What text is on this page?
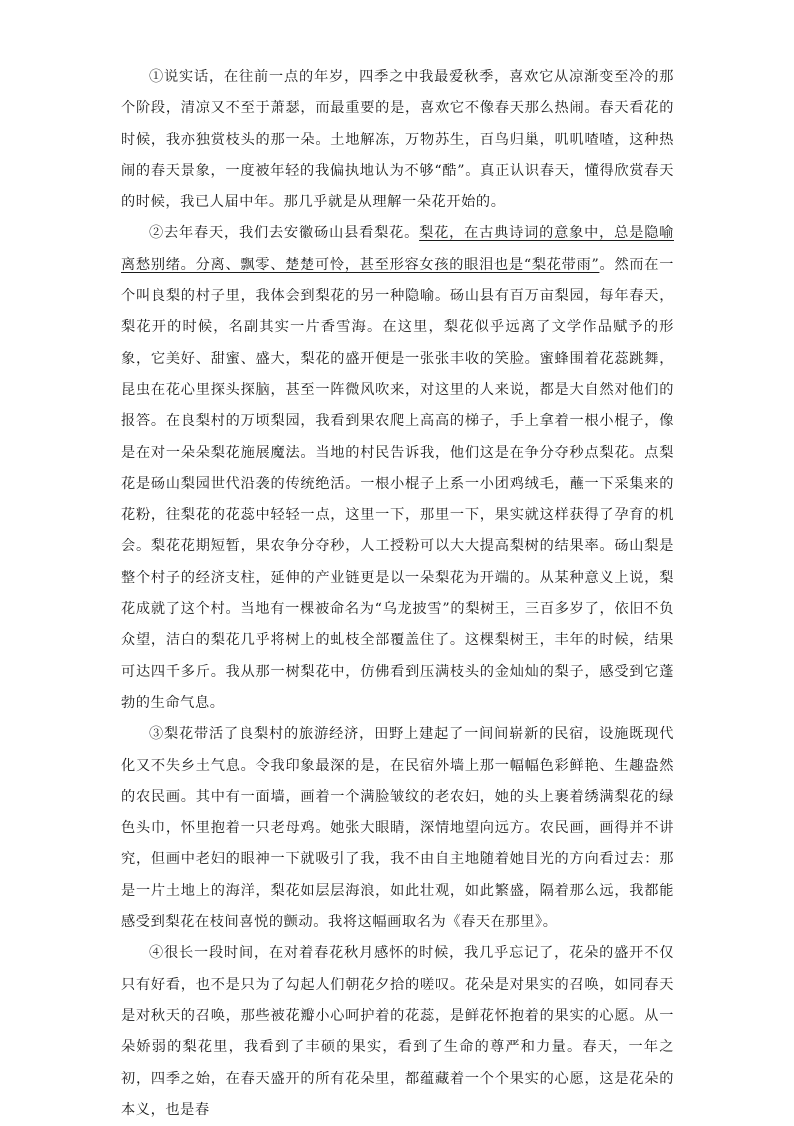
①说实话，在往前一点的年岁，四季之中我最爱秋季，喜欢它从凉渐变至冷的那个阶段，清凉又不至于萧瑟，而最重要的是，喜欢它不像春天那么热闹。春天看花的时候，我亦独赏枝头的那一朵。土地解冻，万物苏生，百鸟归巢，叽叽喳喳，这种热闹的春天景象，一度被年轻的我偏执地认为不够“酷”。真正认识春天，懂得欣赏春天的时候，我已人届中年。那几乎就是从理解一朵花开始的。

②去年春天，我们去安徽砀山县看梨花。梨花，在古典诗词的意象中，总是隐喻离愁别绪。分离、飘零、楚楚可怜，甚至形容女孩的眼泪也是“梨花带雨”。然而在一个叫良梨的村子里，我体会到梨花的另一种隐喻。砀山县有百万亩梨园，每年春天，梨花开的时候，名副其实一片香雪海。在这里，梨花似乎远离了文学作品赋予的形象，它美好、甜蜜、盛大，梨花的盛开便是一张张丰收的笑脸。蜜蜂围着花蕊跳舞，昆虫在花心里探头探脑，甚至一阵微风吹来，对这里的人来说，都是大自然对他们的报答。在良梨村的万顷梨园，我看到果农爬上高高的梯子，手上拿着一根小棍子，像是在对一朵朵梨花施展魔法。当地的村民告诉我，他们这是在争分夺秒点梨花。点梨花是砀山梨园世代沿袭的传统绝活。一根小棍子上系一小团鸡绒毛，蘸一下采集来的花粉，往梨花的花蕊中轻轻一点，这里一下，那里一下，果实就这样获得了孕育的机会。梨花花期短暂，果农争分夺秒，人工授粉可以大大提高梨树的结果率。砀山梨是整个村子的经济支柱，延伸的产业链更是以一朵梨花为开端的。从某种意义上说，梨花成就了这个村。当地有一棵被命名为“乌龙披雪”的梨树王，三百多岁了，依旧不负众望，洁白的梨花几乎将树上的虬枝全部覆盖住了。这棵梨树王，丰年的时候，结果可达四千多斤。我从那一树梨花中，仿佛看到压满枝头的金灿灿的梨子，感受到它蓬勃的生命气息。

③梨花带活了良梨村的旅游经济，田野上建起了一间间崭新的民宿，设施既现代化又不失乡土气息。令我印象最深的是，在民宿外墙上那一幅幅色彩鲜艳、生趣盎然的农民画。其中有一面墙，画着一个满脸皱纹的老农妇，她的头上裹着绣满梨花的绿色头巾，怀里抱着一只老母鸡。她张大眼睛，深情地望向远方。农民画，画得并不讲究，但画中老妇的眼神一下就吸引了我，我不由自主地随着她目光的方向看过去：那是一片土地上的海洋，梨花如层层海浪，如此壮观，如此繁盛，隔着那么远，我都能感受到梨花在枝间喜悦的颤动。我将这幅画取名为《春天在那里》。

④很长一段时间，在对着春花秋月感怀的时候，我几乎忘记了，花朵的盛开不仅只有好看，也不是只为了勾起人们朝花夕拾的嗟叹。花朵是对果实的召唤，如同春天是对秋天的召唤，那些被花瓣小心呵护着的花蕊，是鲜花怀抱着的果实的心愿。从一朵娇弱的梨花里，我看到了丰硕的果实，看到了生命的尊严和力量。春天，一年之初，四季之始，在春天盛开的所有花朵里，都蕴藏着一个个果实的心愿，这是花朵的本义，也是春
